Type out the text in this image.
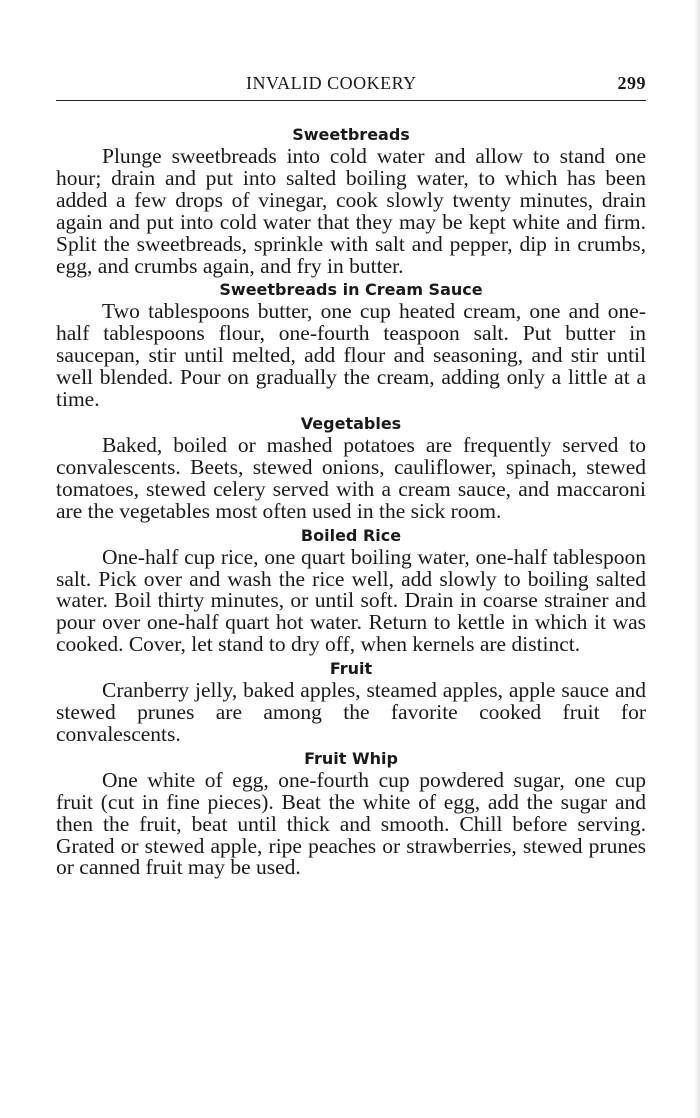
INVALID COOKERY	299
Sweetbreads

Plunge sweetbreads into cold water and allow to stand one hour; drain and put into salted boiling water, to which has been added a few drops of vinegar, cook slowly twenty minutes, drain again and put into cold water that they may be kept white and firm. Split the sweetbreads, sprinkle with salt and pepper, dip in crumbs, egg, and crumbs again, and fry in butter.

Sweetbreads in Cream Sauce

Two tablespoons butter, one cup heated cream, one and one-half tablespoons flour, one-fourth teaspoon salt. Put butter in saucepan, stir until melted, add flour and seasoning, and stir until well blended. Pour on gradually the cream, adding only a little at a time.

Vegetables

Baked, boiled or mashed potatoes are frequently served to convalescents. Beets, stewed onions, cauliflower, spinach, stewed tomatoes, stewed celery served with a cream sauce, and maccaroni are the vegetables most often used in the sick room.

Boiled Rice

One-half cup rice, one quart boiling water, one-half tablespoon salt. Pick over and wash the rice well, add slowly to boiling salted water. Boil thirty minutes, or until soft. Drain in coarse strainer and pour over one-half quart hot water. Return to kettle in which it was cooked. Cover, let stand to dry off, when kernels are distinct.

Fruit

Cranberry jelly, baked apples, steamed apples, apple sauce and stewed prunes are among the favorite cooked fruit for convalescents.

Fruit Whip

One white of egg, one-fourth cup powdered sugar, one cup fruit (cut in fine pieces). Beat the white of egg, add the sugar and then the fruit, beat until thick and smooth. Chill before serving. Grated or stewed apple, ripe peaches or strawberries, stewed prunes or canned fruit may be used.
